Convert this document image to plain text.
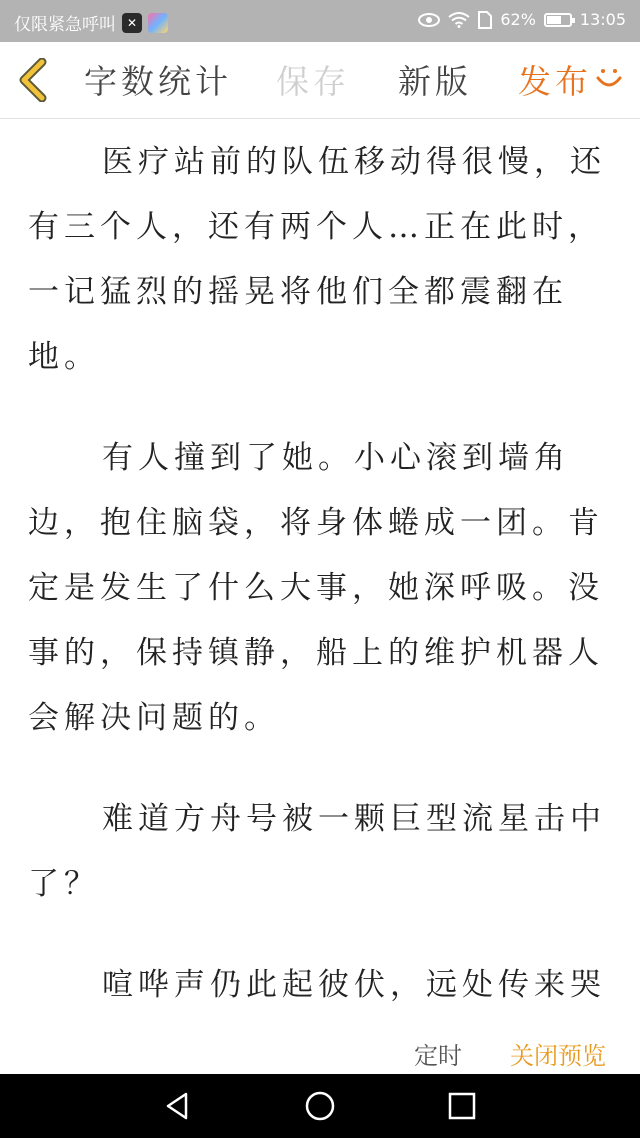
仅限紧急呼叫 ✕	62%	13:05
字数统计 保存 新版 发布

医疗站前的队伍移动得很慢，还有三个人，还有两个人…正在此时，一记猛烈的摇晃将他们全都震翻在地。

有人撞到了她。小心滚到墙角边，抱住脑袋，将身体蜷成一团。肯定是发生了什么大事，她深呼吸。没事的，保持镇静，船上的维护机器人会解决问题的。

难道方舟号被一颗巨型流星击中了？

喧哗声仍此起彼伏，远处传来哭

定时 关闭预览
